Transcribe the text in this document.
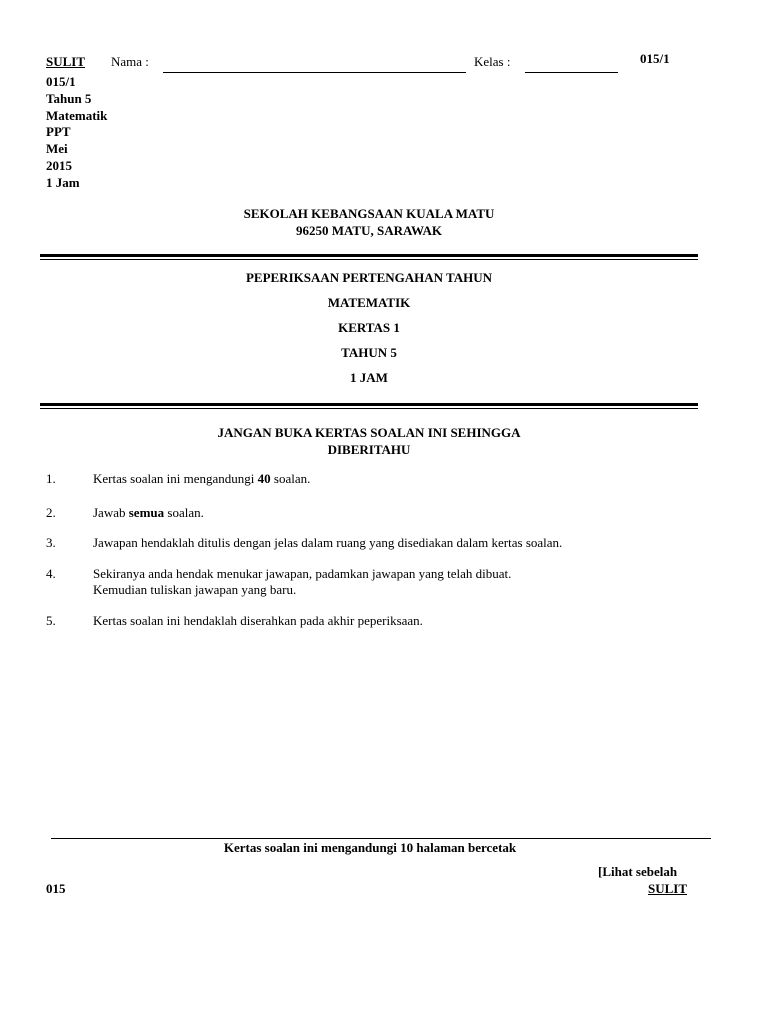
SULIT Nama :	Kelas :	015/1
015/1
Tahun 5
Matematik
PPT
Mei
2015
1 Jam
SEKOLAH KEBANGSAAN KUALA MATU
96250 MATU, SARAWAK
PEPERIKSAAN PERTENGAHAN TAHUN
MATEMATIK
KERTAS 1
TAHUN 5
1 JAM
JANGAN BUKA KERTAS SOALAN INI SEHINGGA
DIBERITAHU
1.	Kertas soalan ini mengandungi 40 soalan.
2.	Jawab semua soalan.
3.	Jawapan hendaklah ditulis dengan jelas dalam ruang yang disediakan dalam kertas soalan.
4.	Sekiranya anda hendak menukar jawapan, padamkan jawapan yang telah dibuat.
Kemudian tuliskan jawapan yang baru.
5.	Kertas soalan ini hendaklah diserahkan pada akhir peperiksaan.
Kertas soalan ini mengandungi 10 halaman bercetak
[Lihat sebelah
015	SULIT
